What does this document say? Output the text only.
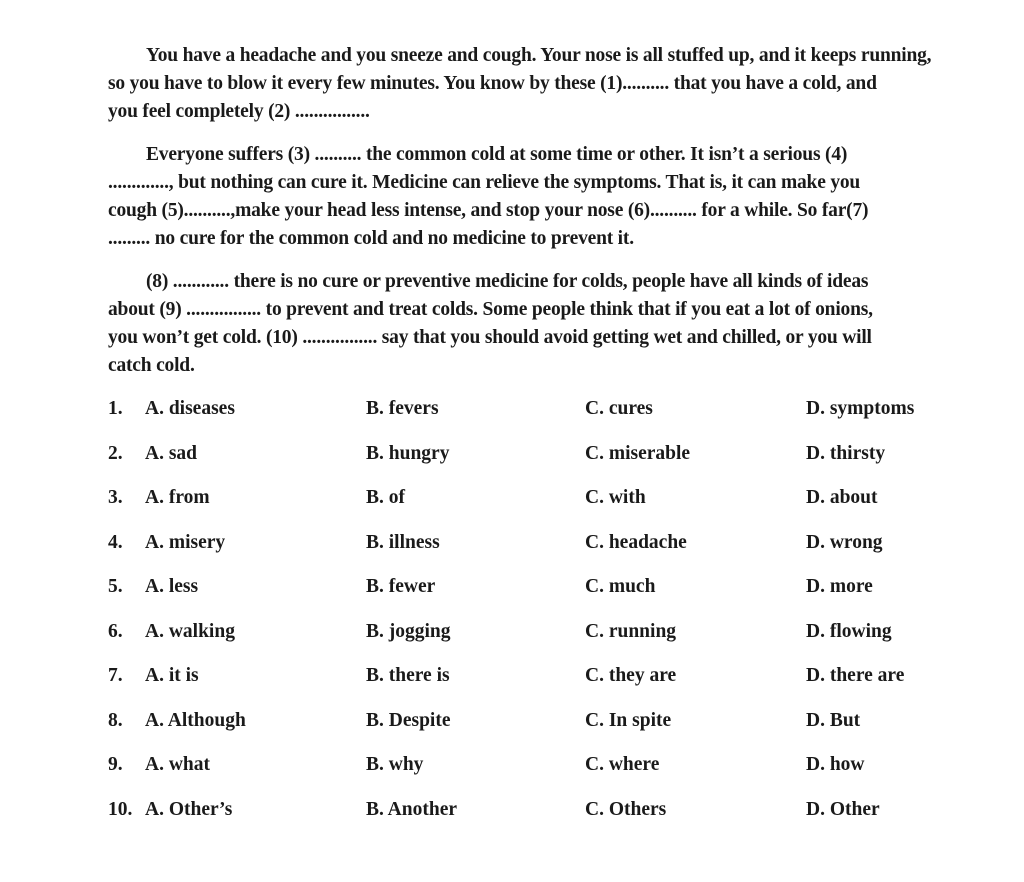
You have a headache and you sneeze and cough. Your nose is all stuffed up, and it keeps running,
so you have to blow it every few minutes. You know by these (1).......... that you have a cold, and
you feel completely (2) ................
Everyone suffers (3) .......... the common cold at some time or other. It isn’t a serious (4)
............., but nothing can cure it. Medicine can relieve the symptoms. That is, it can make you
cough (5)..........,make your head less intense, and stop your nose (6).......... for a while. So far(7)
......... no cure for the common cold and no medicine to prevent it.
(8) ............ there is no cure or preventive medicine for colds, people have all kinds of ideas
about (9) ................ to prevent and treat colds. Some people think that if you eat a lot of onions,
you won’t get cold. (10) ................ say that you should avoid getting wet and chilled, or you will
catch cold.
1. A. diseases	B. fevers	C. cures	D. symptoms
2. A. sad	B. hungry	C. miserable	D. thirsty
3. A. from	B. of	C. with	D. about
4. A. misery	B. illness	C. headache	D. wrong
5. A. less	B. fewer	C. much	D. more
6. A. walking	B. jogging	C. running	D. flowing
7. A. it is	B. there is	C. they are	D. there are
8. A. Although	B. Despite	C. In spite	D. But
9. A. what	B. why	C. where	D. how
10. A. Other’s	B. Another	C. Others	D. Other
